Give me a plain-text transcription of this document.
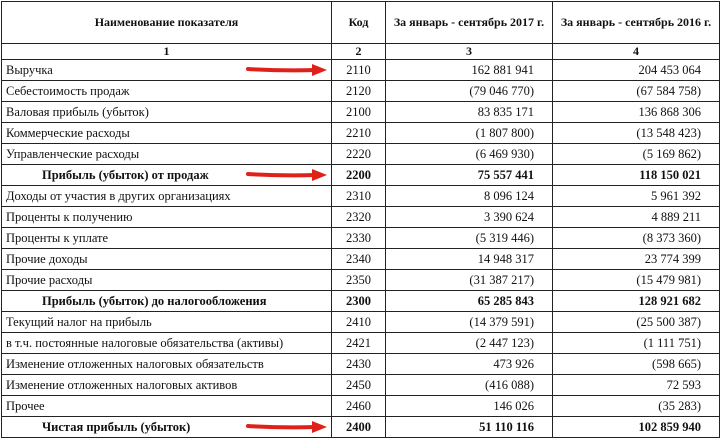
Наименование показателя	Код	За январь - сентябрь 2017 г.	За январь - сентябрь 2016 г.
1	2	3	4
Выручка	2110	162 881 941	204 453 064
Себестоимость продаж	2120	(79 046 770)	(67 584 758)
Валовая прибыль (убыток)	2100	83 835 171	136 868 306
Коммерческие расходы	2210	(1 807 800)	(13 548 423)
Управленческие расходы	2220	(6 469 930)	(5 169 862)
Прибыль (убыток) от продаж	2200	75 557 441	118 150 021
Доходы от участия в других организациях	2310	8 096 124	5 961 392
Проценты к получению	2320	3 390 624	4 889 211
Проценты к уплате	2330	(5 319 446)	(8 373 360)
Прочие доходы	2340	14 948 317	23 774 399
Прочие расходы	2350	(31 387 217)	(15 479 981)
Прибыль (убыток) до налогообложения	2300	65 285 843	128 921 682
Текущий налог на прибыль	2410	(14 379 591)	(25 500 387)
в т.ч. постоянные налоговые обязательства (активы)	2421	(2 447 123)	(1 111 751)
Изменение отложенных налоговых обязательств	2430	473 926	(598 665)
Изменение отложенных налоговых активов	2450	(416 088)	72 593
Прочее	2460	146 026	(35 283)
Чистая прибыль (убыток)	2400	51 110 116	102 859 940
